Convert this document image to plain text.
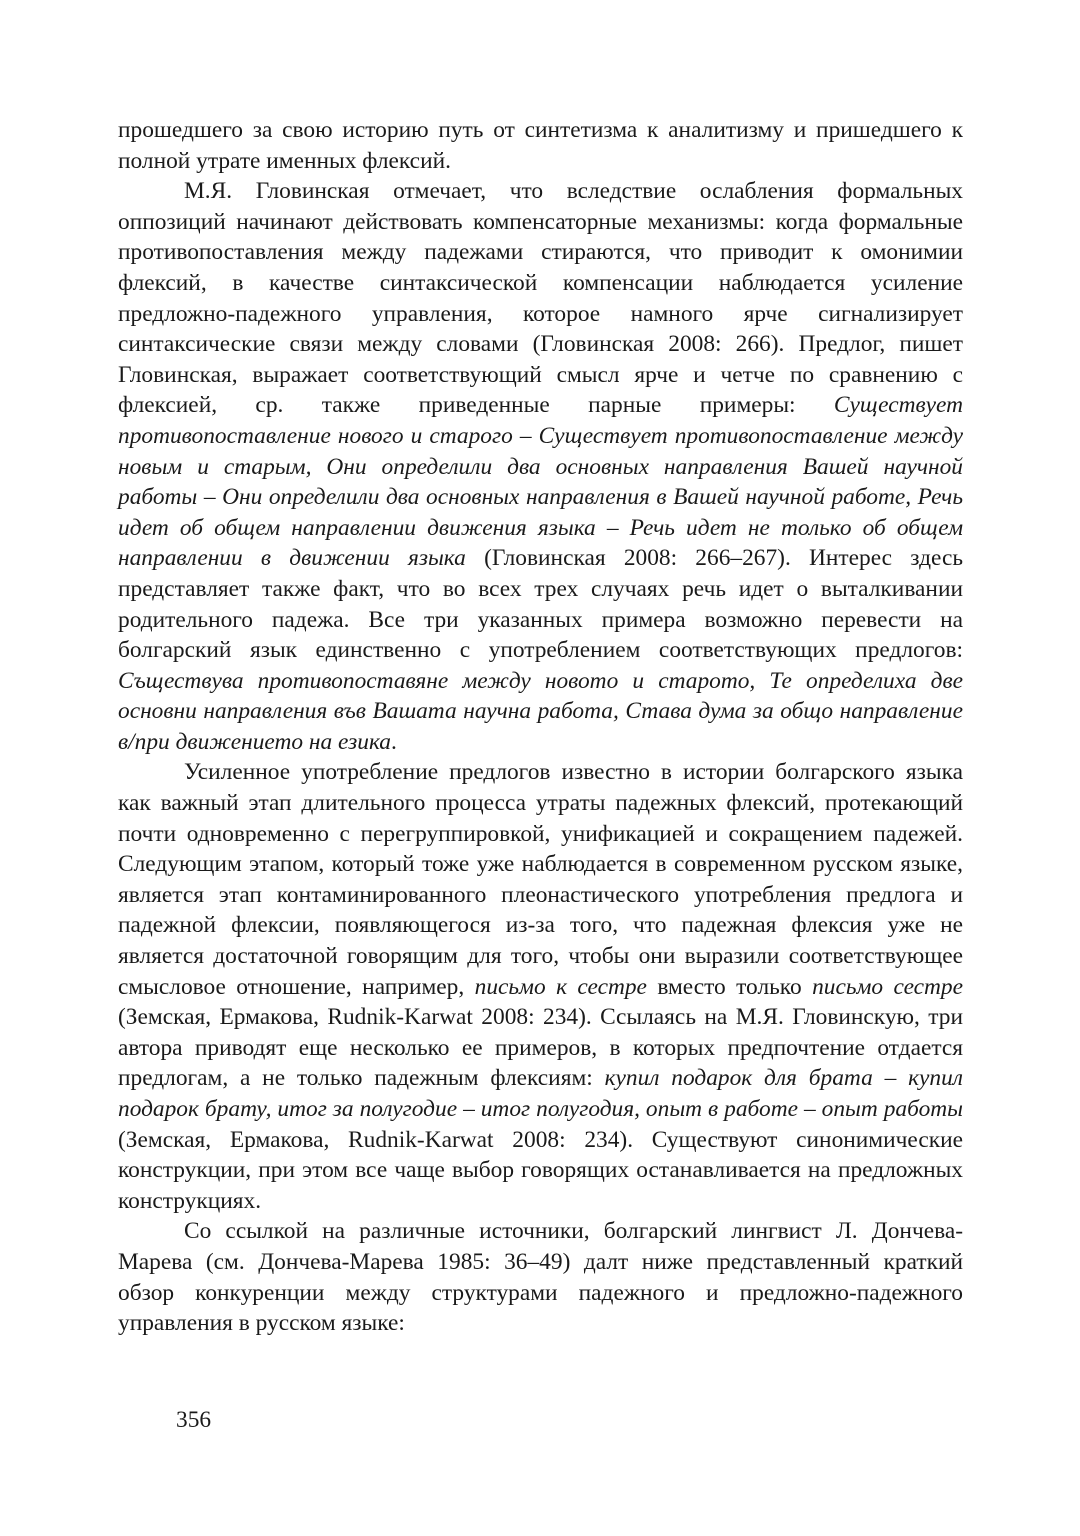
прошедшего за свою историю путь от синтетизма к аналитизму и пришедшего к полной утрате именных флексий.

М.Я. Гловинская отмечает, что вследствие ослабления формальных оппозиций начинают действовать компенсаторные механизмы: когда формальные противопоставления между падежами стираются, что приводит к омонимии флексий, в качестве синтаксической компенсации наблюдается усиление предложно-падежного управления, которое намного ярче сигнализирует синтаксические связи между словами (Гловинская 2008: 266). Предлог, пишет Гловинская, выражает соответствующий смысл ярче и четче по сравнению с флексией, ср. также приведенные парные примеры: Существует противопоставление нового и старого – Существует противопоставление между новым и старым, Они определили два основных направления Вашей научной работы – Они определили два основных направления в Вашей научной работе, Речь идет об общем направлении движения языка – Речь идет не только об общем направлении в движении языка (Гловинская 2008: 266–267). Интерес здесь представляет также факт, что во всех трех случаях речь идет о выталкивании родительного падежа. Все три указанных примера возможно перевести на болгарский язык единственно с употреблением соответствующих предлогов: Съществува противопоставяне между новото и старото, Те определиха две основни направления във Вашата научна работа, Става дума за общо направление в/при движението на езика.

Усиленное употребление предлогов известно в истории болгарского языка как важный этап длительного процесса утраты падежных флексий, протекающий почти одновременно с перегруппировкой, унификацией и сокращением падежей. Следующим этапом, который тоже уже наблюдается в современном русском языке, является этап контаминированного плеонастического употребления предлога и падежной флексии, появляющегося из-за того, что падежная флексия уже не является достаточной говорящим для того, чтобы они выразили соответствующее смысловое отношение, например, письмо к сестре вместо только письмо сестре (Земская, Ермакова, Rudnik-Karwat 2008: 234). Ссылаясь на М.Я. Гловинскую, три автора приводят еще несколько ее примеров, в которых предпочтение отдается предлогам, а не только падежным флексиям: купил подарок для брата – купил подарок брату, итог за полугодие – итог полугодия, опыт в работе – опыт работы (Земская, Ермакова, Rudnik-Karwat 2008: 234). Существуют синонимические конструкции, при этом все чаще выбор говорящих останавливается на предложных конструкциях.

Со ссылкой на различные источники, болгарский лингвист Л. Дончева-Марева (см. Дончева-Марева 1985: 36–49) далт ниже представленный краткий обзор конкуренции между структурами падежного и предложно-падежного управления в русском языке:

356
